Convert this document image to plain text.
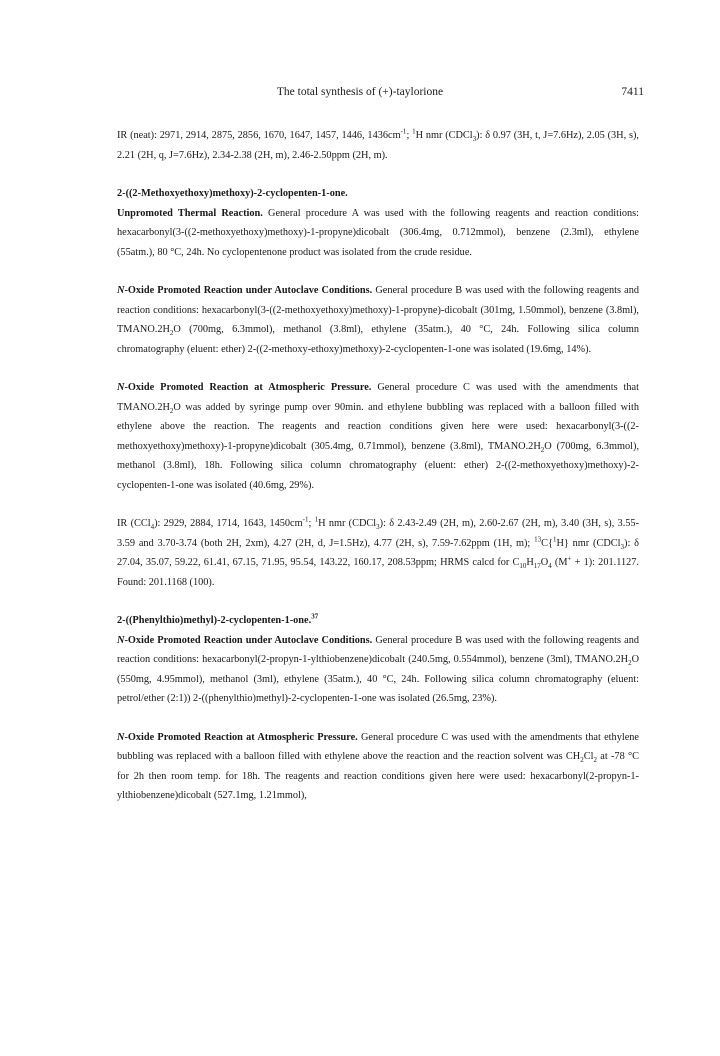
The total synthesis of (+)-taylorione	7411

IR (neat): 2971, 2914, 2875, 2856, 1670, 1647, 1457, 1446, $1436cm^{-1}$; $^1$H nmr (CDCl$_3$): δ 0.97 (3H, t, J=7.6Hz), 2.05 (3H, s), 2.21 (2H, q, J=7.6Hz), 2.34-2.38 (2H, m), 2.46-2.50ppm (2H, m).

2-((2-Methoxyethoxy)methoxy)-2-cyclopenten-1-one.

Unpromoted Thermal Reaction. General procedure A was used with the following reagents and reaction conditions: hexacarbonyl(3-((2-methoxyethoxy)methoxy)-1-propyne)dicobalt (306.4mg, 0.712mmol), benzene (2.3ml), ethylene (55atm.), 80 °C, 24h. No cyclopentenone product was isolated from the crude residue.

N-Oxide Promoted Reaction under Autoclave Conditions. General procedure B was used with the following reagents and reaction conditions: hexacarbonyl(3-((2-methoxyethoxy)methoxy)-1-propyne)-dicobalt (301mg, 1.50mmol), benzene (3.8ml), $TMANO.2H_2O$ (700mg, 6.3mmol), methanol (3.8ml), ethylene (35atm.), 40 °C, 24h. Following silica column chromatography (eluent: ether) 2-((2-methoxy-ethoxy)methoxy)-2-cyclopenten-1-one was isolated (19.6mg, 14%).

N-Oxide Promoted Reaction at Atmospheric Pressure. General procedure C was used with the amendments that $TMANO.2H_2O$ was added by syringe pump over 90min. and ethylene bubbling was replaced with a balloon filled with ethylene above the reaction. The reagents and reaction conditions given here were used: hexacarbonyl(3-((2-methoxyethoxy)methoxy)-1-propyne)dicobalt (305.4mg, 0.71mmol), benzene (3.8ml), $TMANO.2H_2O$ (700mg, 6.3mmol), methanol (3.8ml), 18h. Following silica column chromatography (eluent: ether) 2-((2-methoxyethoxy)methoxy)-2-cyclopenten-1-one was isolated (40.6mg, 29%).

IR (CCl$_4$): 2929, 2884, 1714, 1643, $1450cm^{-1}$; $^1$H nmr (CDCl$_3$): δ 2.43-2.49 (2H, m), 2.60-2.67 (2H, m), 3.40 (3H, s), 3.55-3.59 and 3.70-3.74 (both 2H, 2xm), 4.27 (2H, d, J=1.5Hz), 4.77 (2H, s), 7.59-7.62ppm (1H, m); $^{13}$C{$^1$H} nmr (CDCl$_3$): δ 27.04, 35.07, 59.22, 61.41, 67.15, 71.95, 95.54, 143.22, 160.17, 208.53ppm; HRMS calcd for $C_{10}H_{17}O_4$ (M+ + 1): 201.1127. Found: 201.1168 (100).

2-((Phenylthio)methyl)-2-cyclopenten-1-one.$^{37}$

N-Oxide Promoted Reaction under Autoclave Conditions. General procedure B was used with the following reagents and reaction conditions: hexacarbonyl(2-propyn-1-ylthiobenzene)dicobalt (240.5mg, 0.554mmol), benzene (3ml), $TMANO.2H_2O$ (550mg, 4.95mmol), methanol (3ml), ethylene (35atm.), 40 °C, 24h. Following silica column chromatography (eluent: petrol/ether (2:1)) 2-((phenylthio)methyl)-2-cyclopenten-1-one was isolated (26.5mg, 23%).

N-Oxide Promoted Reaction at Atmospheric Pressure. General procedure C was used with the amendments that ethylene bubbling was replaced with a balloon filled with ethylene above the reaction and the reaction solvent was $CH_2Cl_2$ at -78 °C for 2h then room temp. for 18h. The reagents and reaction conditions given here were used: hexacarbonyl(2-propyn-1-ylthiobenzene)dicobalt (527.1mg, 1.21mmol),
